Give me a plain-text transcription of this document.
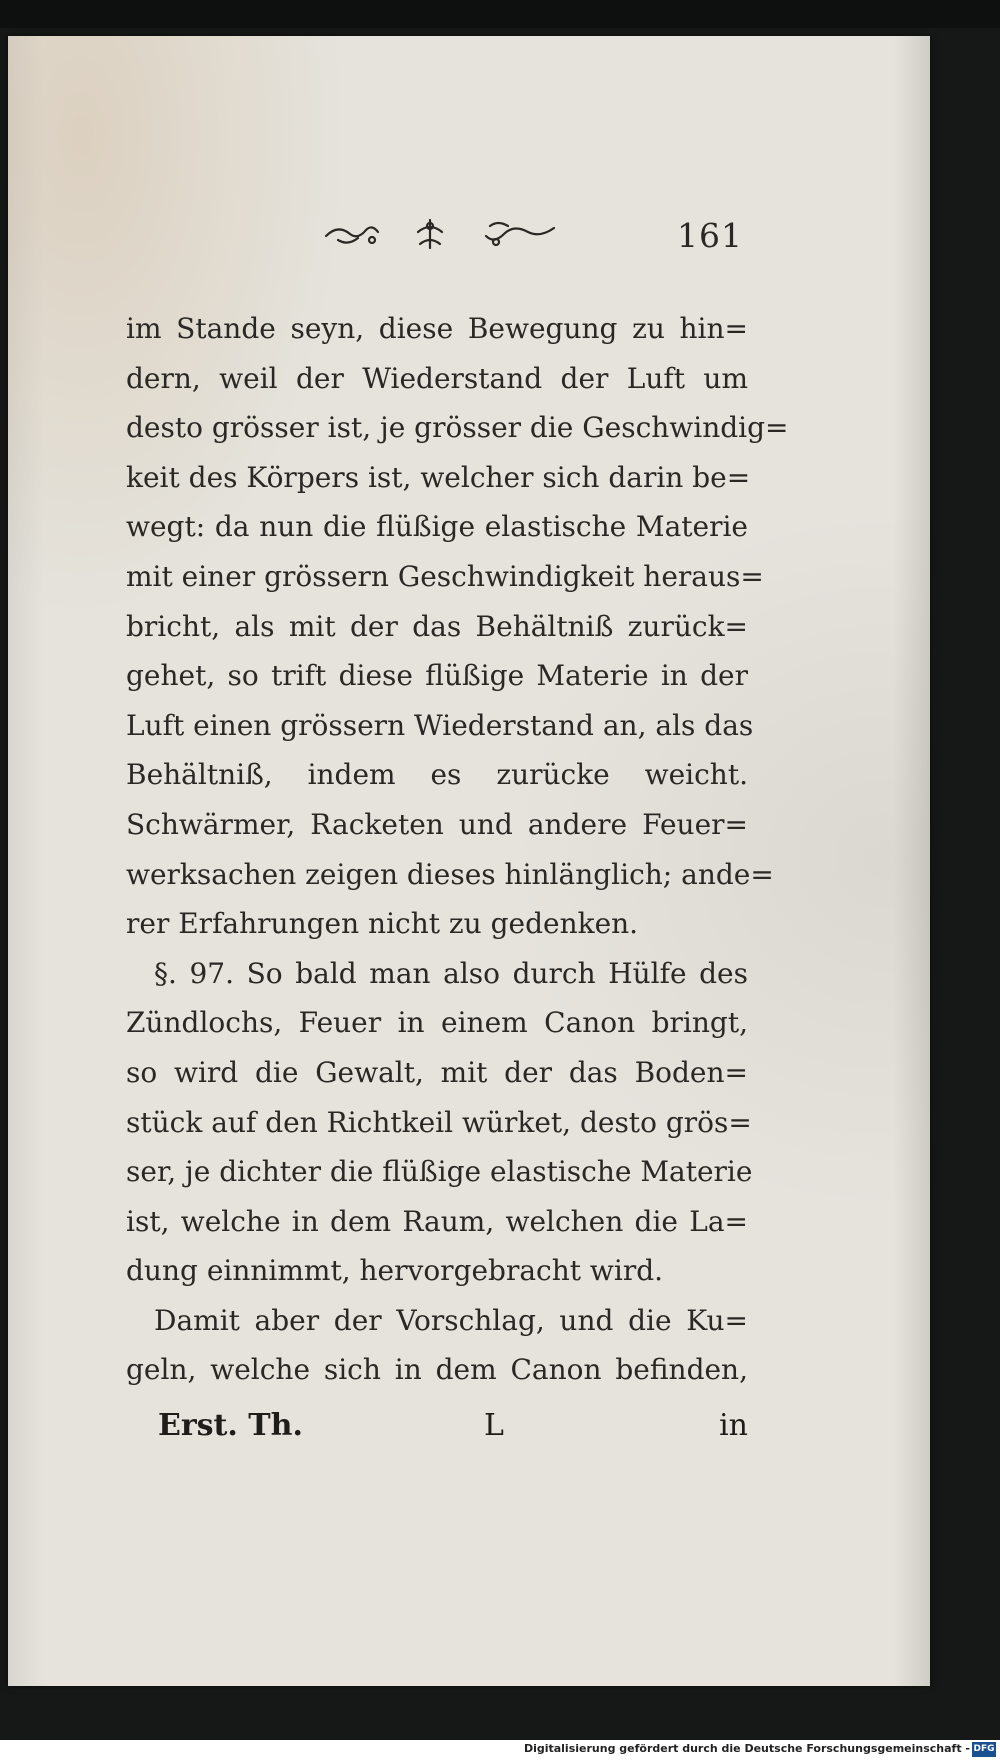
161
im Stande seyn, diese Bewegung zu hin=
dern, weil der Wiederstand der Luft um
desto grösser ist, je grösser die Geschwindig=
keit des Körpers ist, welcher sich darin be=
wegt: da nun die flüßige elastische Materie
mit einer grössern Geschwindigkeit heraus=
bricht, als mit der das Behältniß zurück=
gehet, so trift diese flüßige Materie in der
Luft einen grössern Wiederstand an, als das
Behältniß, indem es zurücke weicht.
Schwärmer, Racketen und andere Feuer=
werksachen zeigen dieses hinlänglich; ande=
rer Erfahrungen nicht zu gedenken.
§. 97. So bald man also durch Hülfe des
Zündlochs, Feuer in einem Canon bringt,
so wird die Gewalt, mit der das Boden=
stück auf den Richtkeil würket, desto grös=
ser, je dichter die flüßige elastische Materie
ist, welche in dem Raum, welchen die La=
dung einnimmt, hervorgebracht wird.
Damit aber der Vorschlag, und die Ku=
geln, welche sich in dem Canon befinden,
Erst. Th.	L	in
Digitalisierung gefördert durch die Deutsche Forschungsgemeinschaft - DFG
